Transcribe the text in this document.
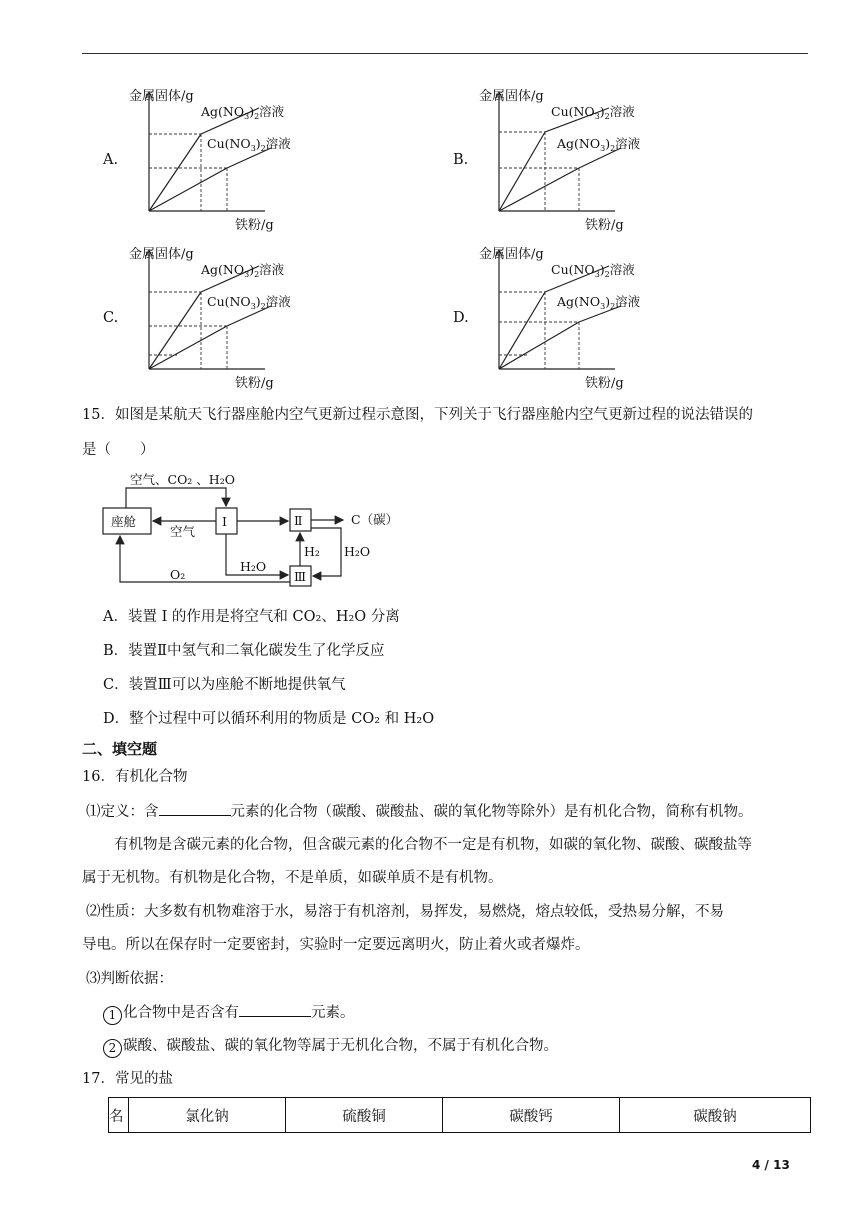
A.	B.
C.	D.
金属固体/g
铁粉/g
$Ag(NO_3)_2$溶液
$Cu(NO_3)_2$溶液
金属固体/g
铁粉/g
$Cu(NO_3)_2$溶液
$Ag(NO_3)_2$溶液
金属固体/g
铁粉/g
$Ag(NO_3)_2$溶液
$Cu(NO_3)_2$溶液
金属固体/g
铁粉/g
$Cu(NO_3)_2$溶液
$Ag(NO_3)_2$溶液
15．如图是某航天飞行器座舱内空气更新过程示意图，下列关于飞行器座舱内空气更新过程的说法错误的
是（　　）
空气、CO₂ 、H₂O
座舱
空气
I	Ⅱ
Ⅲ
C（碳）
H₂ H₂O
H₂O
O₂
A．装置 I 的作用是将空气和 CO₂、H₂O 分离
B．装置Ⅱ中氢气和二氧化碳发生了化学反应
C．装置Ⅲ可以为座舱不断地提供氧气
D．整个过程中可以循环利用的物质是 CO₂ 和 H₂O
二、填空题
16．有机化合物
⑴定义：含	元素的化合物（碳酸、碳酸盐、碳的氧化物等除外）是有机化合物，简称有机物。
有机物是含碳元素的化合物，但含碳元素的化合物不一定是有机物，如碳的氧化物、碳酸、碳酸盐等
属于无机物。有机物是化合物，不是单质，如碳单质不是有机物。
⑵性质：大多数有机物难溶于水，易溶于有机溶剂，易挥发，易燃烧，熔点较低，受热易分解，不易
导电。所以在保存时一定要密封，实验时一定要远离明火，防止着火或者爆炸。
⑶判断依据：
1 化合物中是否含有	元素。
2 碳酸、碳酸盐、碳的氧化物等属于无机化合物，不属于有机化合物。
17．常见的盐
名	氯化钠	硫酸铜	碳酸钙	碳酸钠
4 / 13
